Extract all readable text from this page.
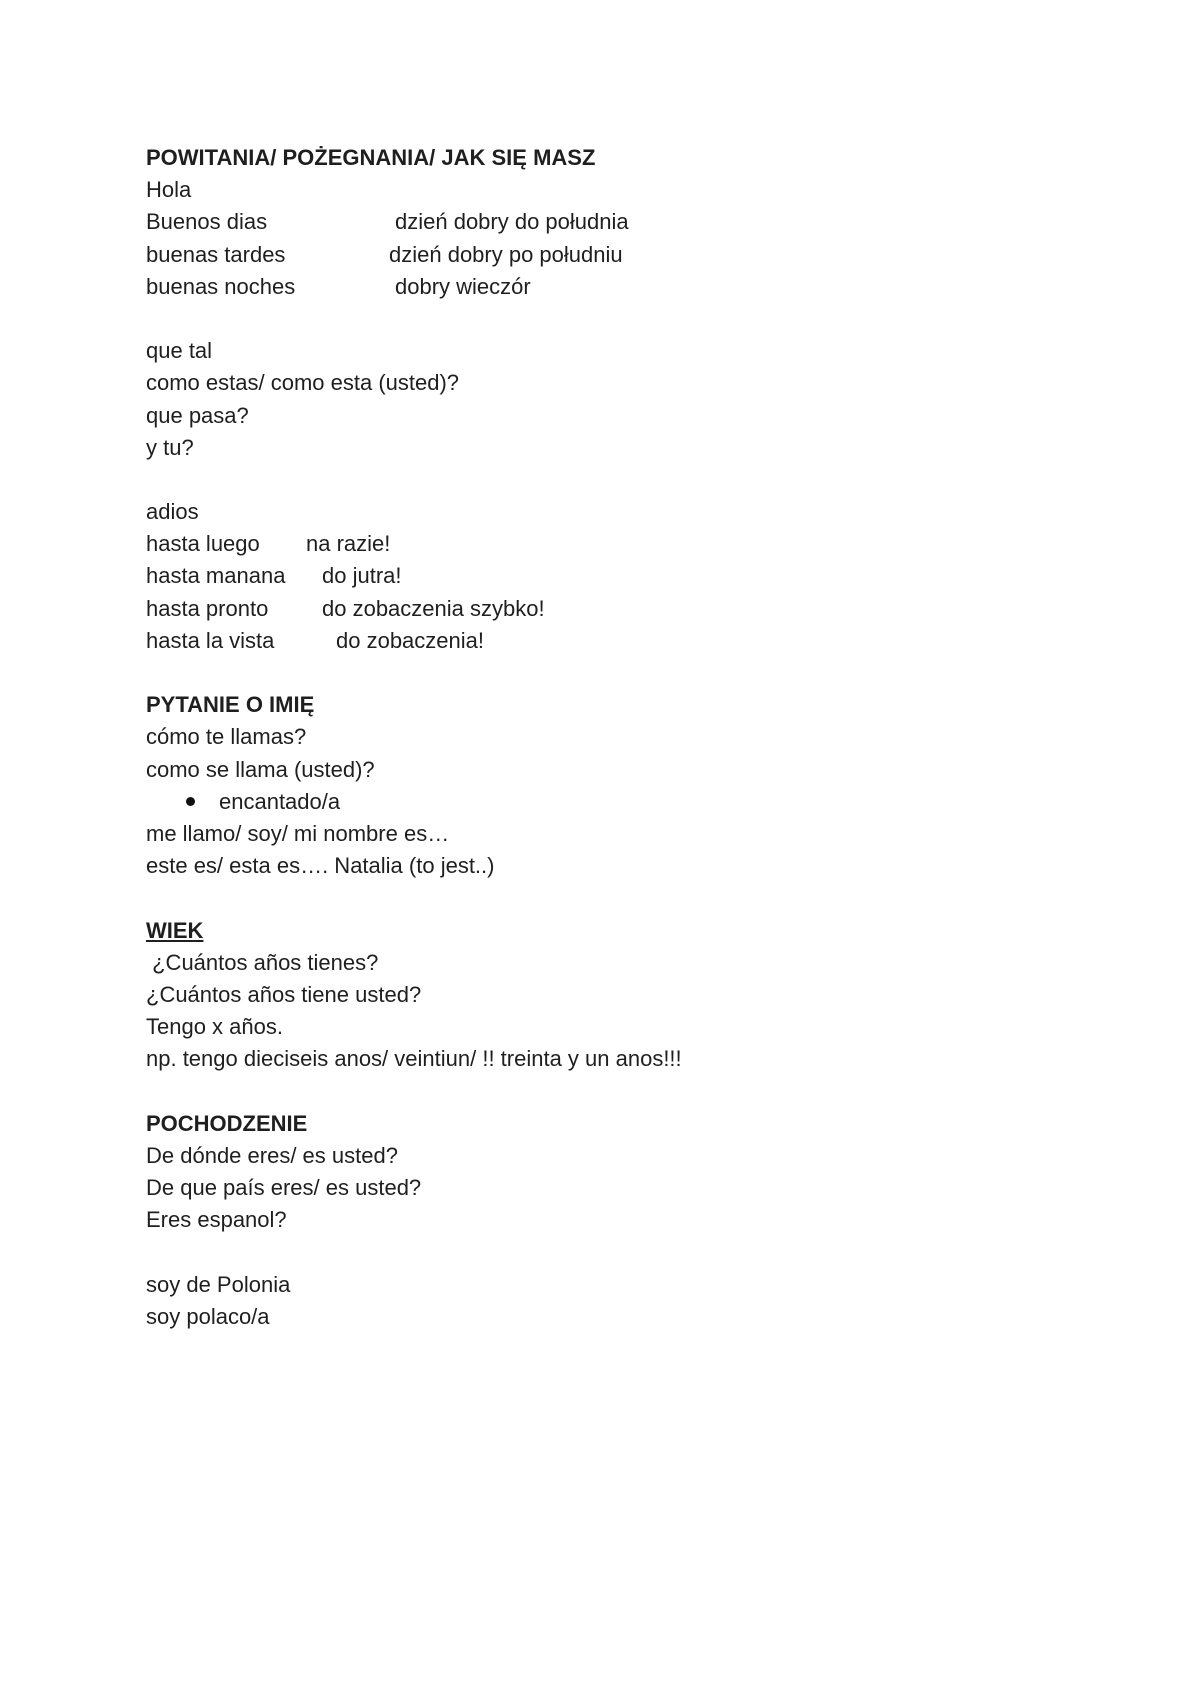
POWITANIA/ POŻEGNANIA/ JAK SIĘ MASZ
Hola
Buenos dias	dzień dobry do południa
buenas tardes	dzień dobry po południu
buenas noches	dobry wieczór
que tal
como estas/ como esta (usted)?
que pasa?
y tu?
adios
hasta luego	na razie!
hasta manana	do jutra!
hasta pronto	do zobaczenia szybko!
hasta la vista	do zobaczenia!
PYTANIE O IMIĘ
cómo te llamas?
como se llama (usted)?
encantado/a
me llamo/ soy/ mi nombre es…
este es/ esta es…. Natalia (to jest..)
WIEK
¿Cuántos años tienes?
¿Cuántos años tiene usted?
Tengo x años.
np. tengo dieciseis anos/ veintiun/ !! treinta y un anos!!!
POCHODZENIE
De dónde eres/ es usted?
De que país eres/ es usted?
Eres espanol?
soy de Polonia
soy polaco/a
